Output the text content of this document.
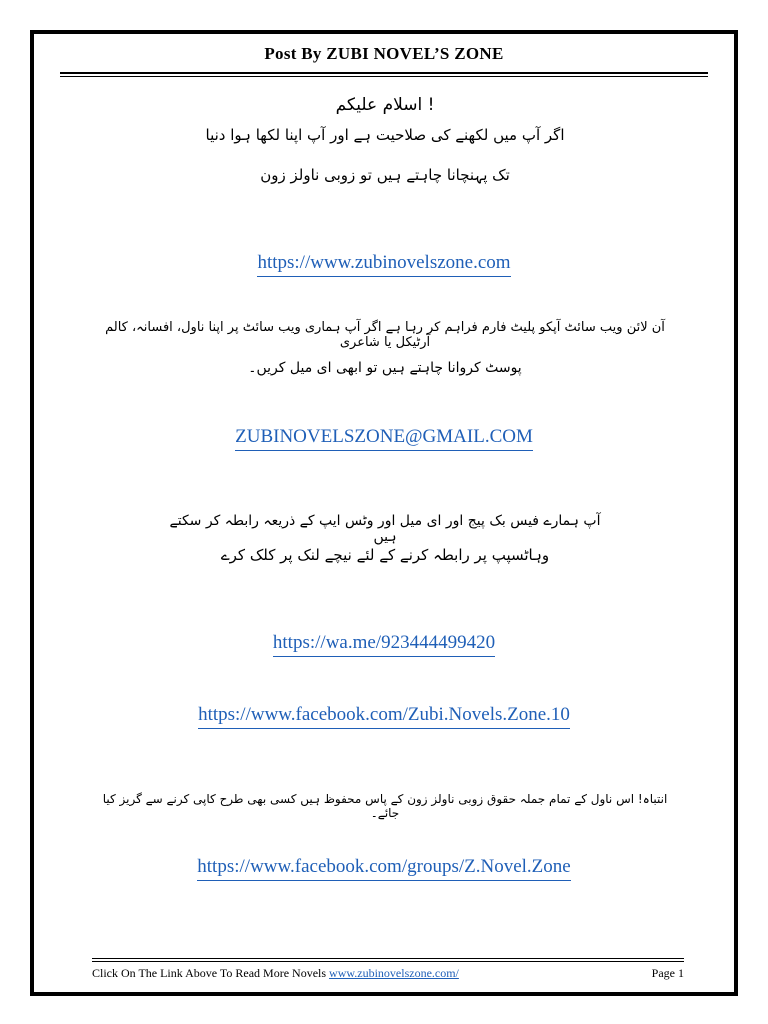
Post By ZUBI NOVEL’S ZONE
! اسلام علیکم
اگر آپ میں لکھنے کی صلاحیت ہے اور آپ اپنا لکھا ہوا دنیا
تک پہنچانا چاہتے ہیں تو زوبی ناولز زون
https://www.zubinovelszone.com
آن لائن ویب سائٹ آپکو پلیٹ فارم فراہم کر رہا ہے اگر آپ ہماری ویب سائٹ پر اپنا ناول، افسانہ، کالم آرٹیکل یا شاعری
پوسٹ کروانا چاہتے ہیں تو ابھی ای میل کریں۔
ZUBINOVELSZONE@GMAIL.COM
آپ ہمارے فیس بک پیج اور ای میل اور وٹس ایپ کے ذریعہ رابطہ کر سکتے ہیں
وہاٹسپپ پر رابطہ کرنے کے لئے نیچے لنک پر کلک کرے
https://wa.me/923444499420
https://www.facebook.com/Zubi.Novels.Zone.10
انتباہ! اس ناول کے تمام جملہ حقوق زوبی ناولز زون کے پاس محفوظ ہیں کسی بھی طرح کاپی کرنے سے گریز کیا جائے۔
https://www.facebook.com/groups/Z.Novel.Zone
Click On The Link Above To Read More Novels www.zubinovelszone.com/	Page 1
